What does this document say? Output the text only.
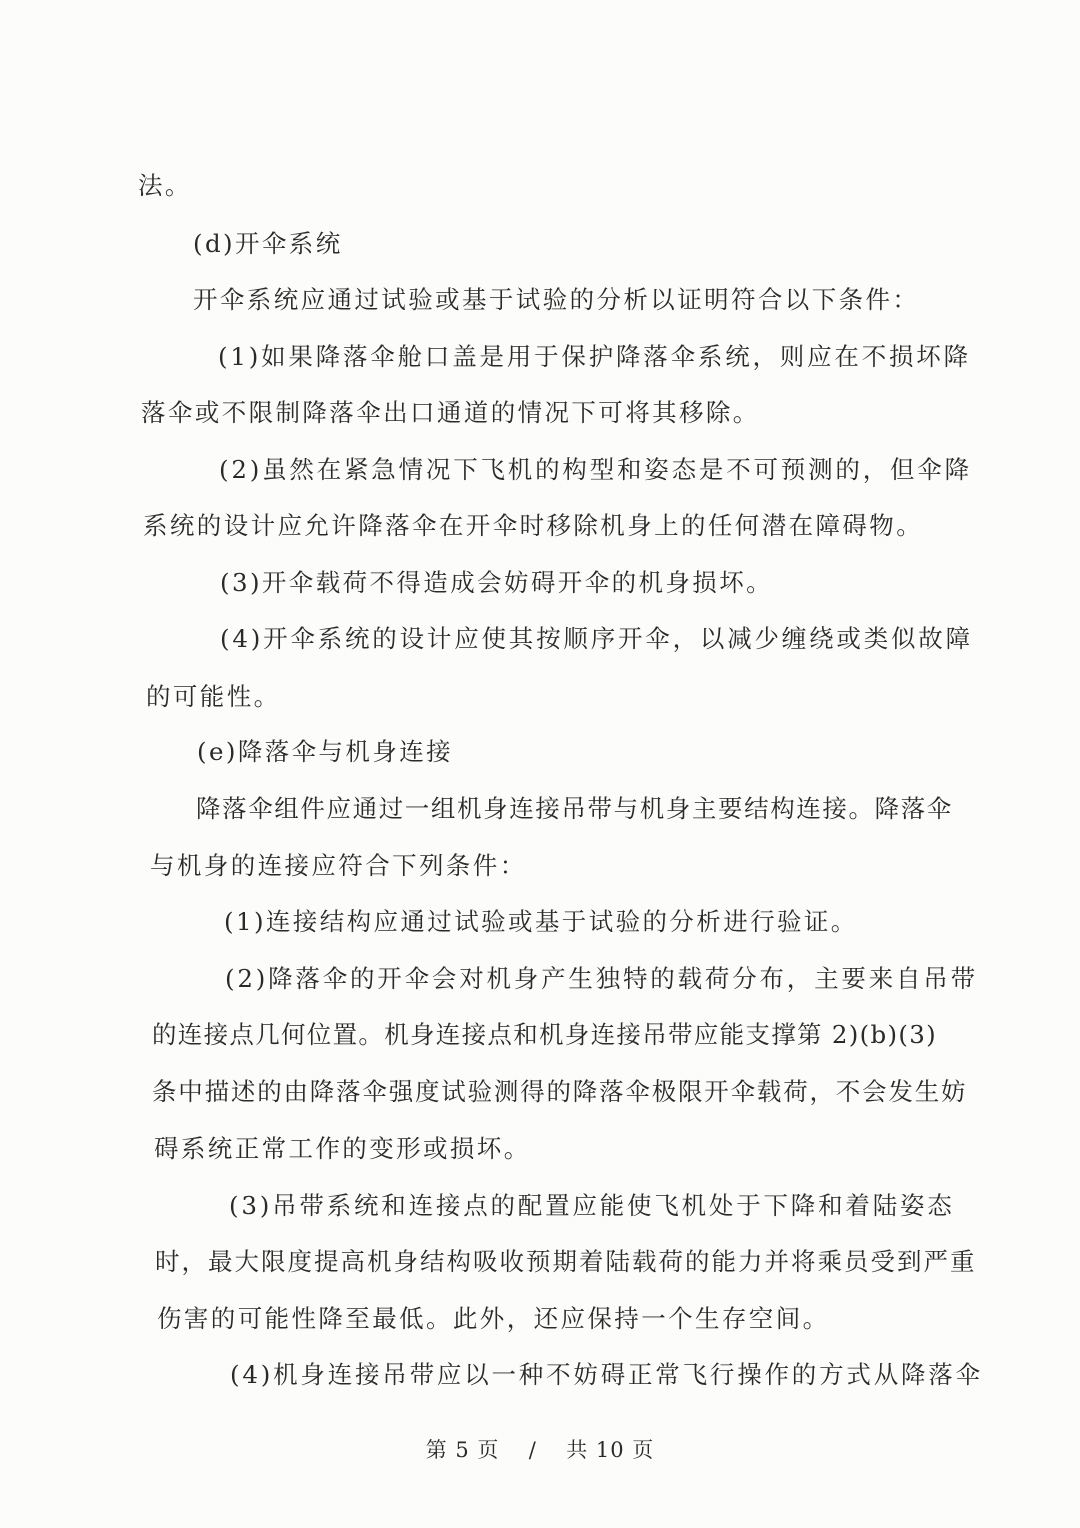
法。

(d)开伞系统

开伞系统应通过试验或基于试验的分析以证明符合以下条件：

(1)如果降落伞舱口盖是用于保护降落伞系统，则应在不损坏降

落伞或不限制降落伞出口通道的情况下可将其移除。

(2)虽然在紧急情况下飞机的构型和姿态是不可预测的，但伞降

系统的设计应允许降落伞在开伞时移除机身上的任何潜在障碍物。

(3)开伞载荷不得造成会妨碍开伞的机身损坏。

(4)开伞系统的设计应使其按顺序开伞，以减少缠绕或类似故障

的可能性。

(e)降落伞与机身连接

降落伞组件应通过一组机身连接吊带与机身主要结构连接。降落伞

与机身的连接应符合下列条件：

(1)连接结构应通过试验或基于试验的分析进行验证。

(2)降落伞的开伞会对机身产生独特的载荷分布，主要来自吊带

的连接点几何位置。机身连接点和机身连接吊带应能支撑第 2)(b)(3)

条中描述的由降落伞强度试验测得的降落伞极限开伞载荷，不会发生妨

碍系统正常工作的变形或损坏。

(3)吊带系统和连接点的配置应能使飞机处于下降和着陆姿态

时，最大限度提高机身结构吸收预期着陆载荷的能力并将乘员受到严重

伤害的可能性降至最低。此外，还应保持一个生存空间。

(4)机身连接吊带应以一种不妨碍正常飞行操作的方式从降落伞

第 5 页 / 共 10 页
